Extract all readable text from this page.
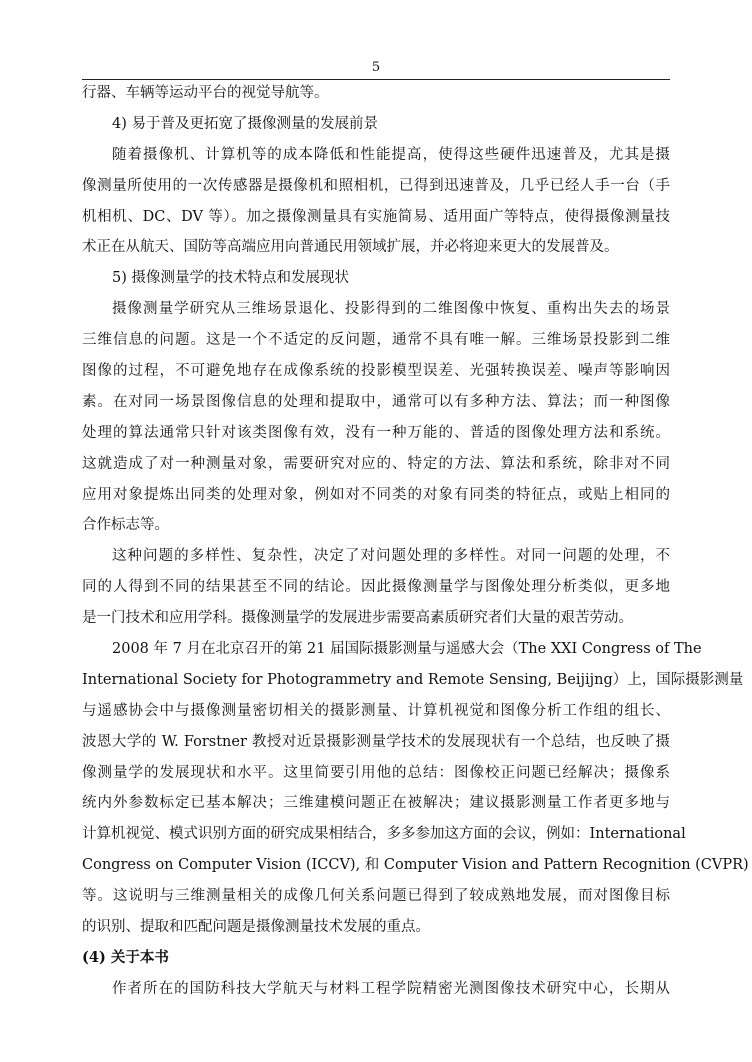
5
行器、车辆等运动平台的视觉导航等。
4) 易于普及更拓宽了摄像测量的发展前景
随着摄像机、计算机等的成本降低和性能提高，使得这些硬件迅速普及，尤其是摄
像测量所使用的一次传感器是摄像机和照相机，已得到迅速普及，几乎已经人手一台（手
机相机、DC、DV 等）。加之摄像测量具有实施简易、适用面广等特点，使得摄像测量技
术正在从航天、国防等高端应用向普通民用领域扩展，并必将迎来更大的发展普及。
5) 摄像测量学的技术特点和发展现状
摄像测量学研究从三维场景退化、投影得到的二维图像中恢复、重构出失去的场景
三维信息的问题。这是一个不适定的反问题，通常不具有唯一解。三维场景投影到二维
图像的过程，不可避免地存在成像系统的投影模型误差、光强转换误差、噪声等影响因
素。在对同一场景图像信息的处理和提取中，通常可以有多种方法、算法；而一种图像
处理的算法通常只针对该类图像有效，没有一种万能的、普适的图像处理方法和系统。
这就造成了对一种测量对象，需要研究对应的、特定的方法、算法和系统，除非对不同
应用对象提炼出同类的处理对象，例如对不同类的对象有同类的特征点，或贴上相同的
合作标志等。
这种问题的多样性、复杂性，决定了对问题处理的多样性。对同一问题的处理，不
同的人得到不同的结果甚至不同的结论。因此摄像测量学与图像处理分析类似，更多地
是一门技术和应用学科。摄像测量学的发展进步需要高素质研究者们大量的艰苦劳动。
2008 年 7 月在北京召开的第 21 届国际摄影测量与遥感大会（The XXI Congress of The
International Society for Photogrammetry and Remote Sensing, Beijijng）上，国际摄影测量
与遥感协会中与摄像测量密切相关的摄影测量、计算机视觉和图像分析工作组的组长、
波恩大学的 W. Forstner 教授对近景摄影测量学技术的发展现状有一个总结，也反映了摄
像测量学的发展现状和水平。这里简要引用他的总结：图像校正问题已经解决；摄像系
统内外参数标定已基本解决；三维建模问题正在被解决；建议摄影测量工作者更多地与
计算机视觉、模式识别方面的研究成果相结合，多多参加这方面的会议，例如：International
Congress on Computer Vision (ICCV), 和 Computer Vision and Pattern Recognition (CVPR)
等。这说明与三维测量相关的成像几何关系问题已得到了较成熟地发展，而对图像目标
的识别、提取和匹配问题是摄像测量技术发展的重点。
(4) 关于本书
作者所在的国防科技大学航天与材料工程学院精密光测图像技术研究中心，长期从
